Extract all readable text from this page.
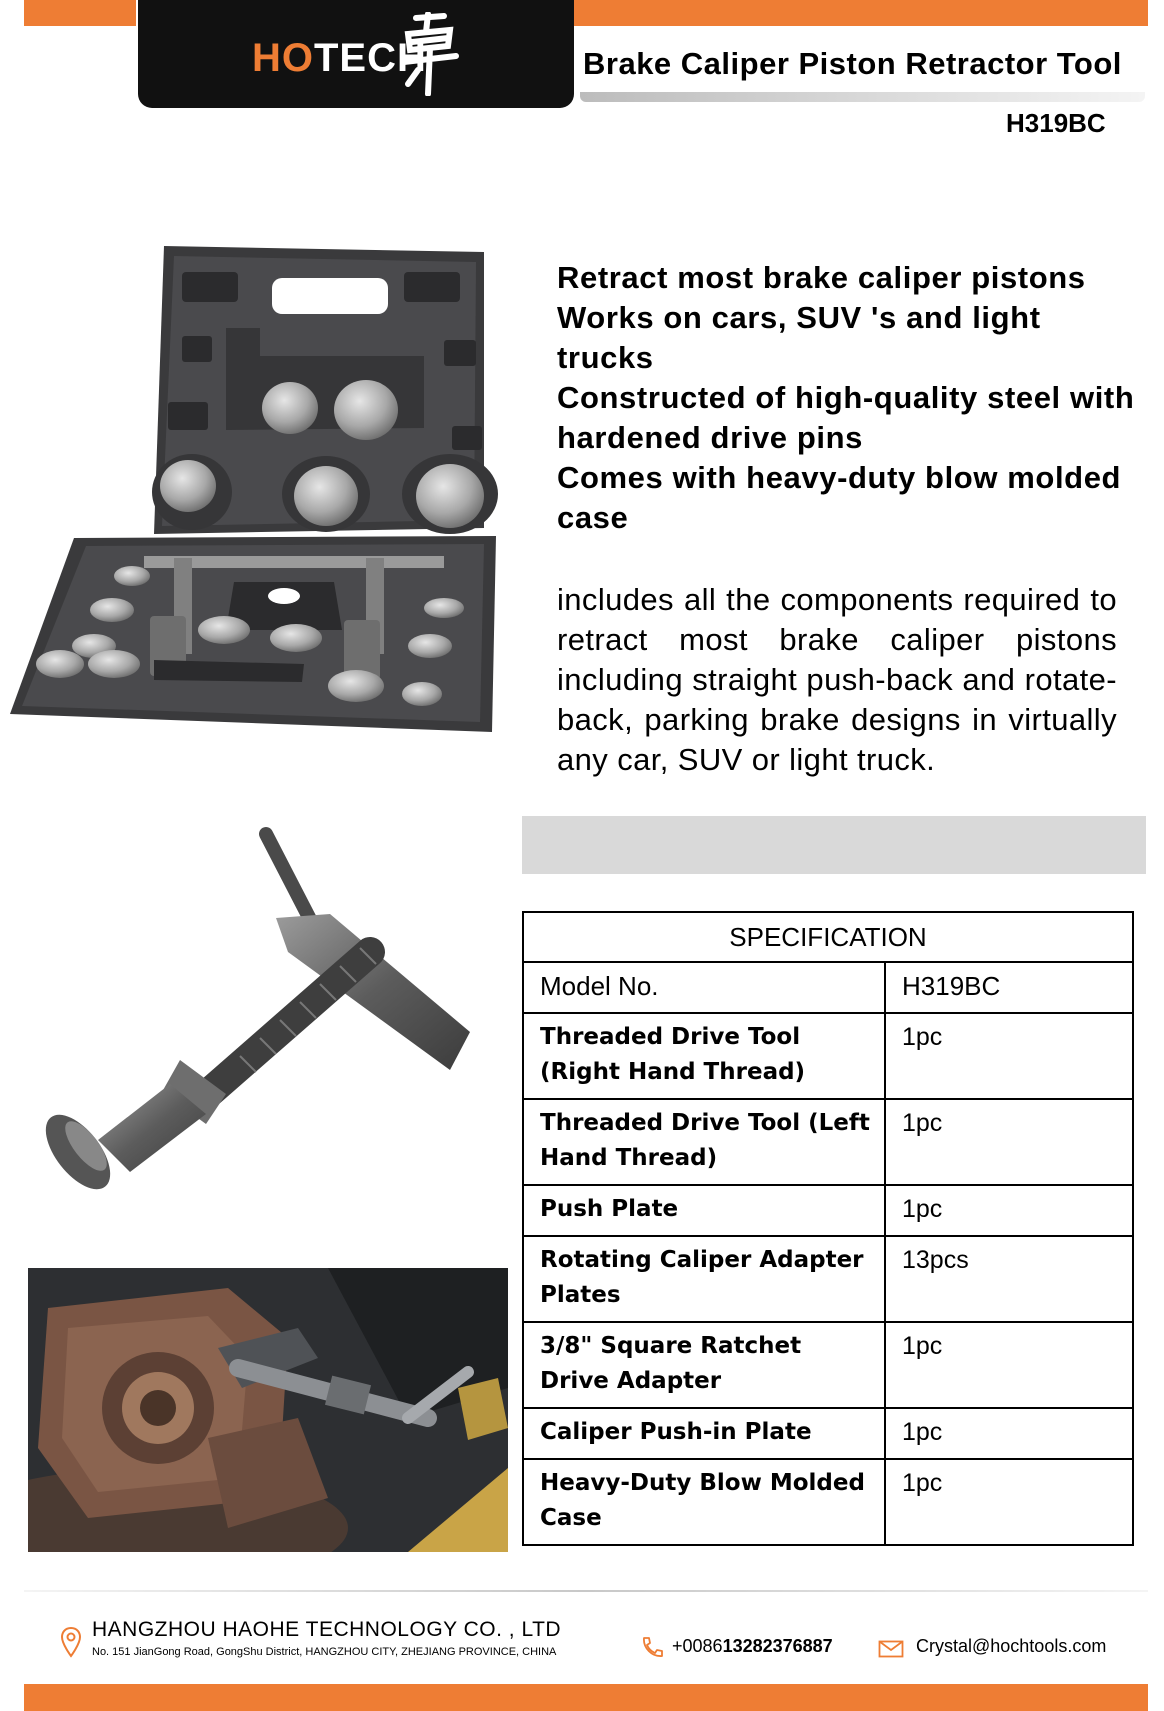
HOTECH	Brake Caliper Piston Retractor Tool
H319BC
Retract most brake caliper pistons
Works on cars, SUV 's and light trucks
Constructed of high-quality steel with hardened drive pins
Comes with heavy-duty blow molded case
includes all the components required to retract most brake caliper pistons including straight push-back and rotate-back, parking brake designs in virtually any car, SUV or light truck.
SPECIFICATION	
Model No.	H319BC
Threaded Drive Tool (Right Hand Thread)	1pc
Threaded Drive Tool (Left Hand Thread)	1pc
Push Plate	1pc
Rotating Caliper Adapter Plates	13pcs
3/8" Square Ratchet Drive Adapter	1pc
Caliper Push-in Plate	1pc
Heavy-Duty Blow Molded Case	1pc
HANGZHOU HAOHE TECHNOLOGY CO. , LTD
No. 151 JianGong Road, GongShu District, HANGZHOU CITY, ZHEJIANG PROVINCE, CHINA	+008613282376887	Crystal@hochtools.com
